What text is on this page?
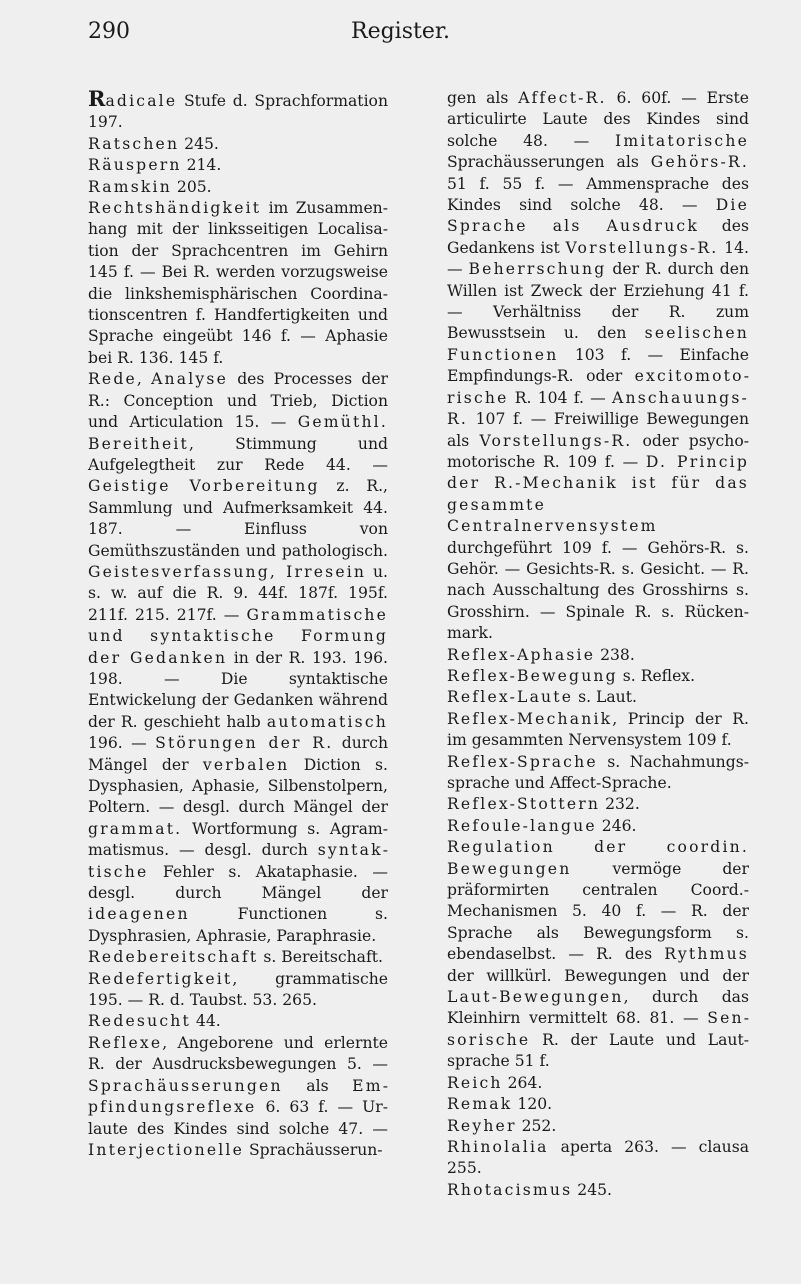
Register.
290

Radicale Stufe d. Sprachformation 197.

Ratschen 245.

Räuspern 214.

Ramskin 205.

Rechtshändigkeit im Zusammenhang mit der linksseitigen Localisation der Sprachcentren im Gehirn 145 f. — Bei R. werden vorzugsweise die linkshemisphärischen Coordinationscentren f. Handfertigkeiten und Sprache eingeübt 146 f. — Aphasie bei R. 136. 145 f.

Rede, Analyse des Processes der R.: Conception und Trieb, Diction und Articulation 15. — Gemüthl. Bereitheit, Stimmung und Aufgelegtheit zur Rede 44. — Geistige Vorbereitung z. R., Sammlung und Aufmerksamkeit 44. 187. — Einfluss von Gemüthszuständen und pathologisch. Geistesverfassung, Irresein u. s. w. auf die R. 9. 44f. 187f. 195f. 211f. 215. 217f. — Grammatische und syntaktische Formung der Gedanken in der R. 193. 196. 198. — Die syntaktische Entwickelung der Gedanken während der R. geschieht halb automatisch 196. — Störungen der R. durch Mängel der verbalen Diction s. Dysphasien, Aphasie, Silbenstolpern, Poltern. — desgl. durch Mängel der grammat. Wortformung s. Agrammatismus. — desgl. durch syntaktische Fehler s. Akataphasie. — desgl. durch Mängel der ideagenen Functionen s. Dysphrasien, Aphrasie, Paraphrasie.

Redebereitschaft s. Bereitschaft.

Redefertigkeit, grammatische 195. — R. d. Taubst. 53. 265.

Redesucht 44.

Reflexe, Angeborene und erlernte R. der Ausdrucksbewegungen 5. — Sprachäusserungen als Empfindungsreflexe 6. 63 f. — Urlaute des Kindes sind solche 47. — Interjectionelle Sprachäusserun-

gen als Affect-R. 6. 60f. — Erste articulirte Laute des Kindes sind solche 48. — Imitatorische Sprachäusserungen als Gehörs-R. 51 f. 55 f. — Ammensprache des Kindes sind solche 48. — Die Sprache als Ausdruck des Gedankens ist Vorstellungs-R. 14. — Beherrschung der R. durch den Willen ist Zweck der Erziehung 41 f. — Verhältniss der R. zum Bewusstsein u. den seelischen Functionen 103 f. — Einfache Empfindungs-R. oder excitomotorische R. 104 f. — Anschauungs-R. 107 f. — Freiwillige Bewegungen als Vorstellungs-R. oder psychomotorische R. 109 f. — D. Princip der R.-Mechanik ist für das gesammte Centralnervensystem durchgeführt 109 f. — Gehörs-R. s. Gehör. — Gesichts-R. s. Gesicht. — R. nach Ausschaltung des Grosshirns s. Grosshirn. — Spinale R. s. Rückenmark.

Reflex-Aphasie 238.

Reflex-Bewegung s. Reflex.

Reflex-Laute s. Laut.

Reflex-Mechanik, Princip der R. im gesammten Nervensystem 109 f.

Reflex-Sprache s. Nachahmungssprache und Affect-Sprache.

Reflex-Stottern 232.

Refoule-langue 246.

Regulation der coordin. Bewegungen vermöge der präformirten centralen Coord.-Mechanismen 5. 40 f. — R. der Sprache als Bewegungsform s. ebendaselbst. — R. des Rythmus der willkürl. Bewegungen und der Laut-Bewegungen, durch das Kleinhirn vermittelt 68. 81. — Sensorische R. der Laute und Lautsprache 51 f.

Reich 264.

Remak 120.

Reyher 252.

Rhinolalia aperta 263. — clausa 255.

Rhotacismus 245.
